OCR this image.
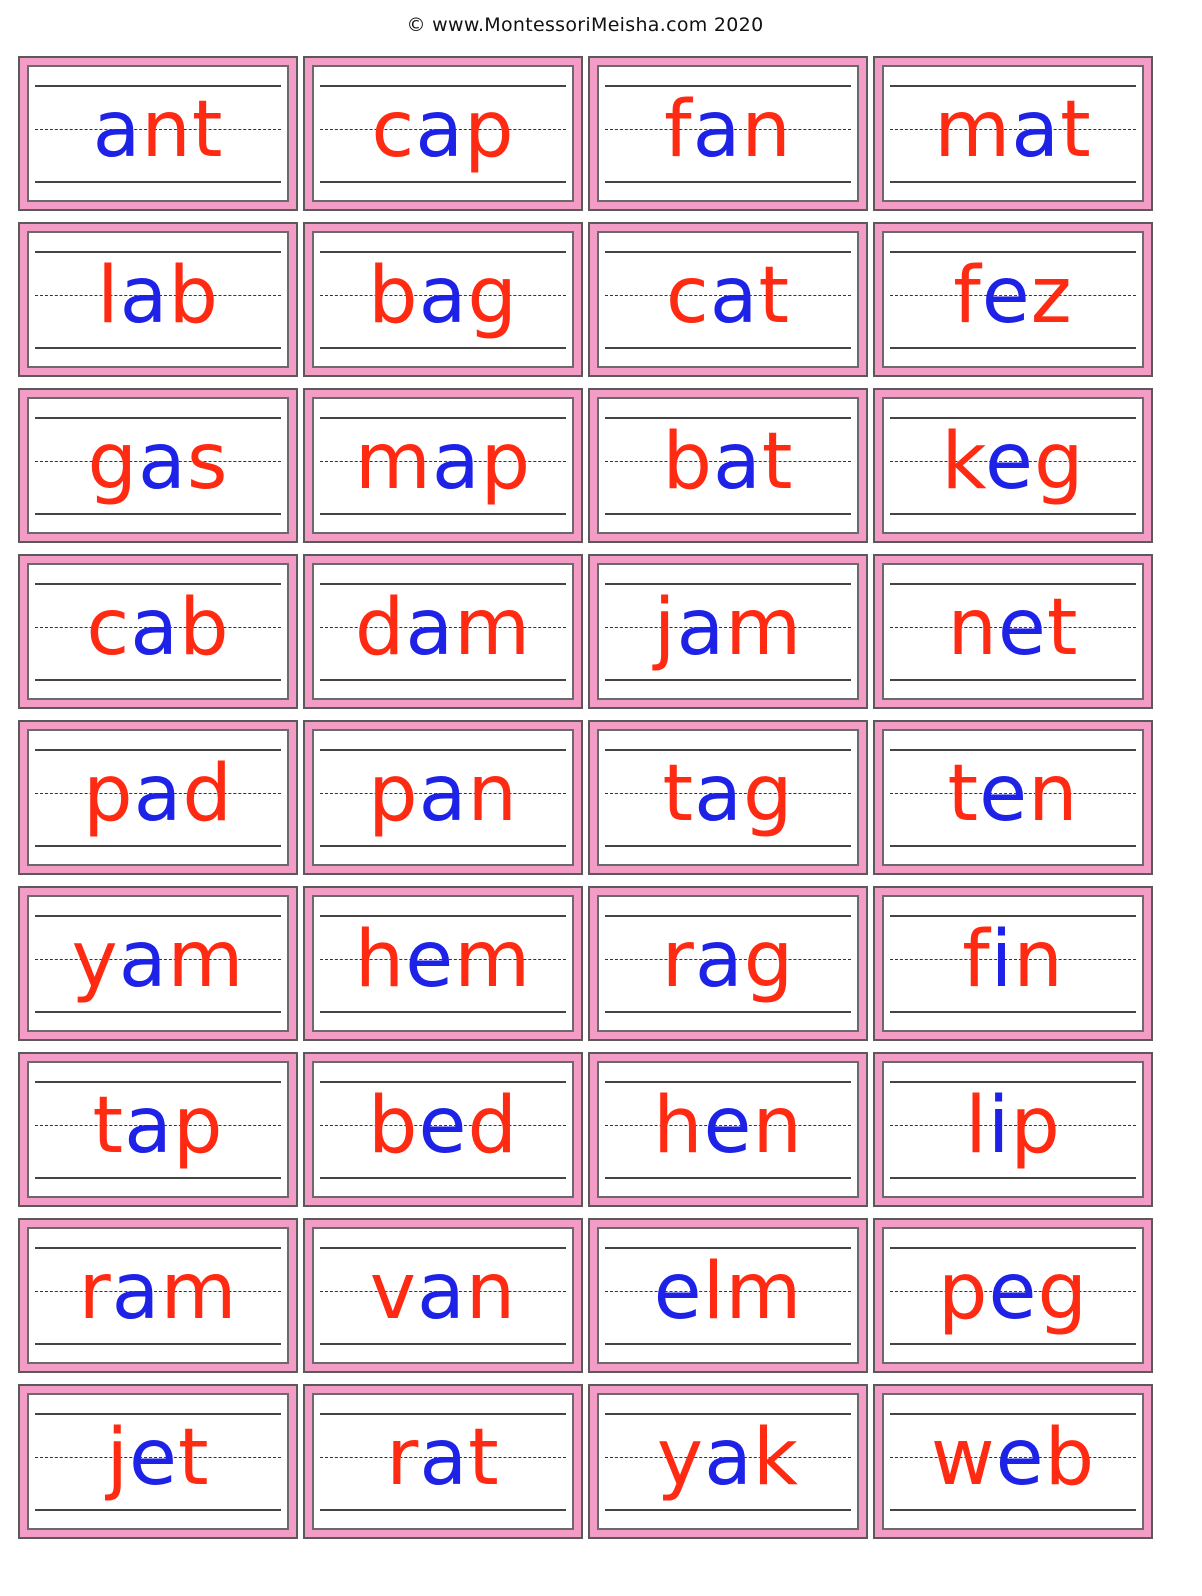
© www.MontessoriMeisha.com 2020
ant	cap	fan	mat
lab	bag	cat	fez
gas	map	bat	keg
cab	dam	jam	net
pad	pan	tag	ten
yam	hem	rag	fin
tap	bed	hen	lip
ram	van	elm	peg
jet	rat	yak	web
